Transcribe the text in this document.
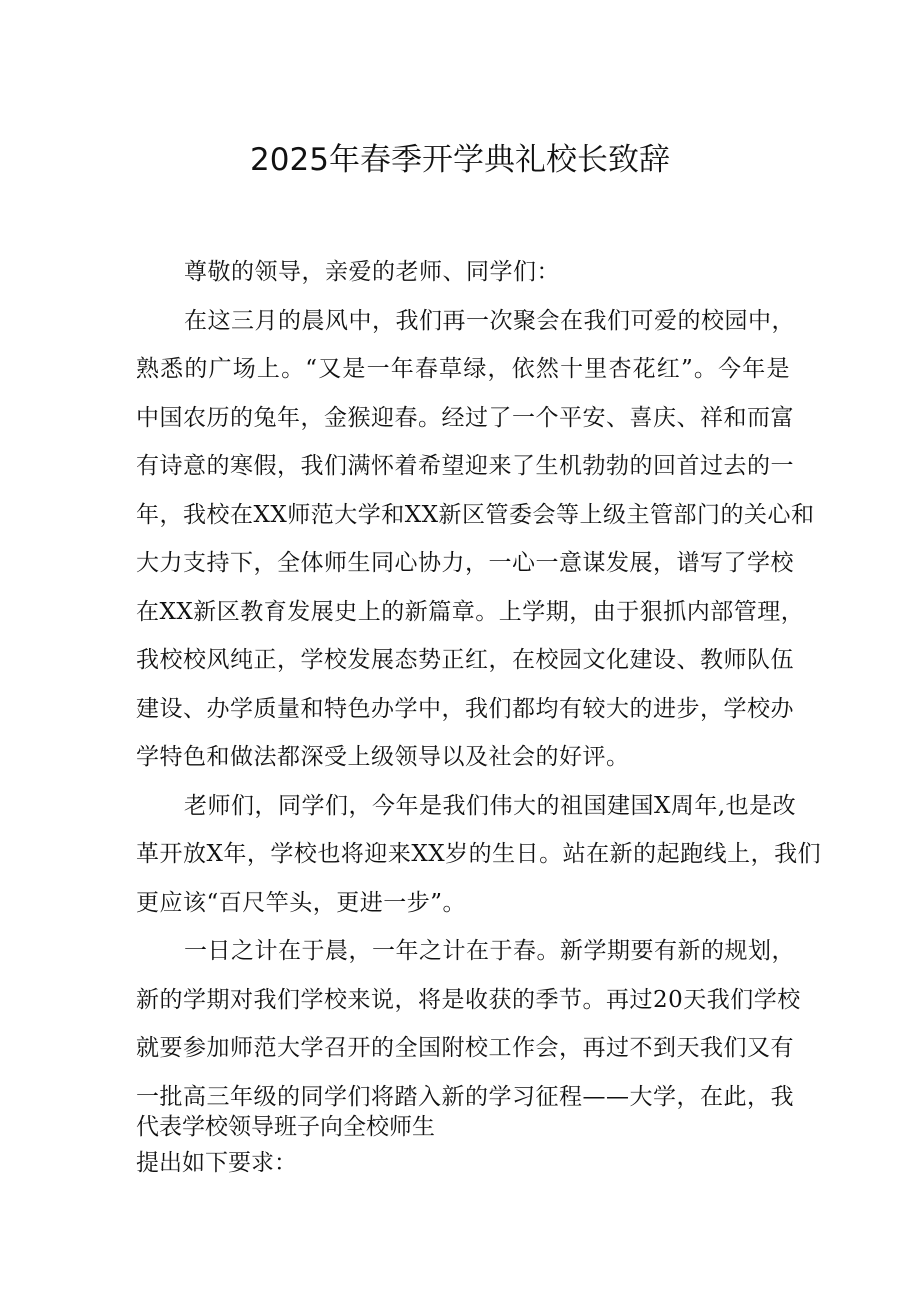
2025年春季开学典礼校长致辞
尊敬的领导，亲爱的老师、同学们：
在这三月的晨风中，我们再一次聚会在我们可爱的校园中，
熟悉的广场上。“又是一年春草绿，依然十里杏花红”。今年是
中国农历的兔年，金猴迎春。经过了一个平安、喜庆、祥和而富
有诗意的寒假，我们满怀着希望迎来了生机勃勃的回首过去的一
年，我校在XX师范大学和XX新区管委会等上级主管部门的关心和
大力支持下，全体师生同心协力，一心一意谋发展，谱写了学校
在XX新区教育发展史上的新篇章。上学期，由于狠抓内部管理，
我校校风纯正，学校发展态势正红，在校园文化建设、教师队伍
建设、办学质量和特色办学中，我们都均有较大的进步，学校办
学特色和做法都深受上级领导以及社会的好评。
老师们，同学们，今年是我们伟大的祖国建国X周年,也是改
革开放X年，学校也将迎来XX岁的生日。站在新的起跑线上，我们
更应该“百尺竿头，更进一步”。
一日之计在于晨，一年之计在于春。新学期要有新的规划，
新的学期对我们学校来说，将是收获的季节。再过20天我们学校
就要参加师范大学召开的全国附校工作会，再过不到天我们又有
一批高三年级的同学们将踏入新的学习征程——大学，在此，我
代表学校领导班子向全校师生
提出如下要求：
